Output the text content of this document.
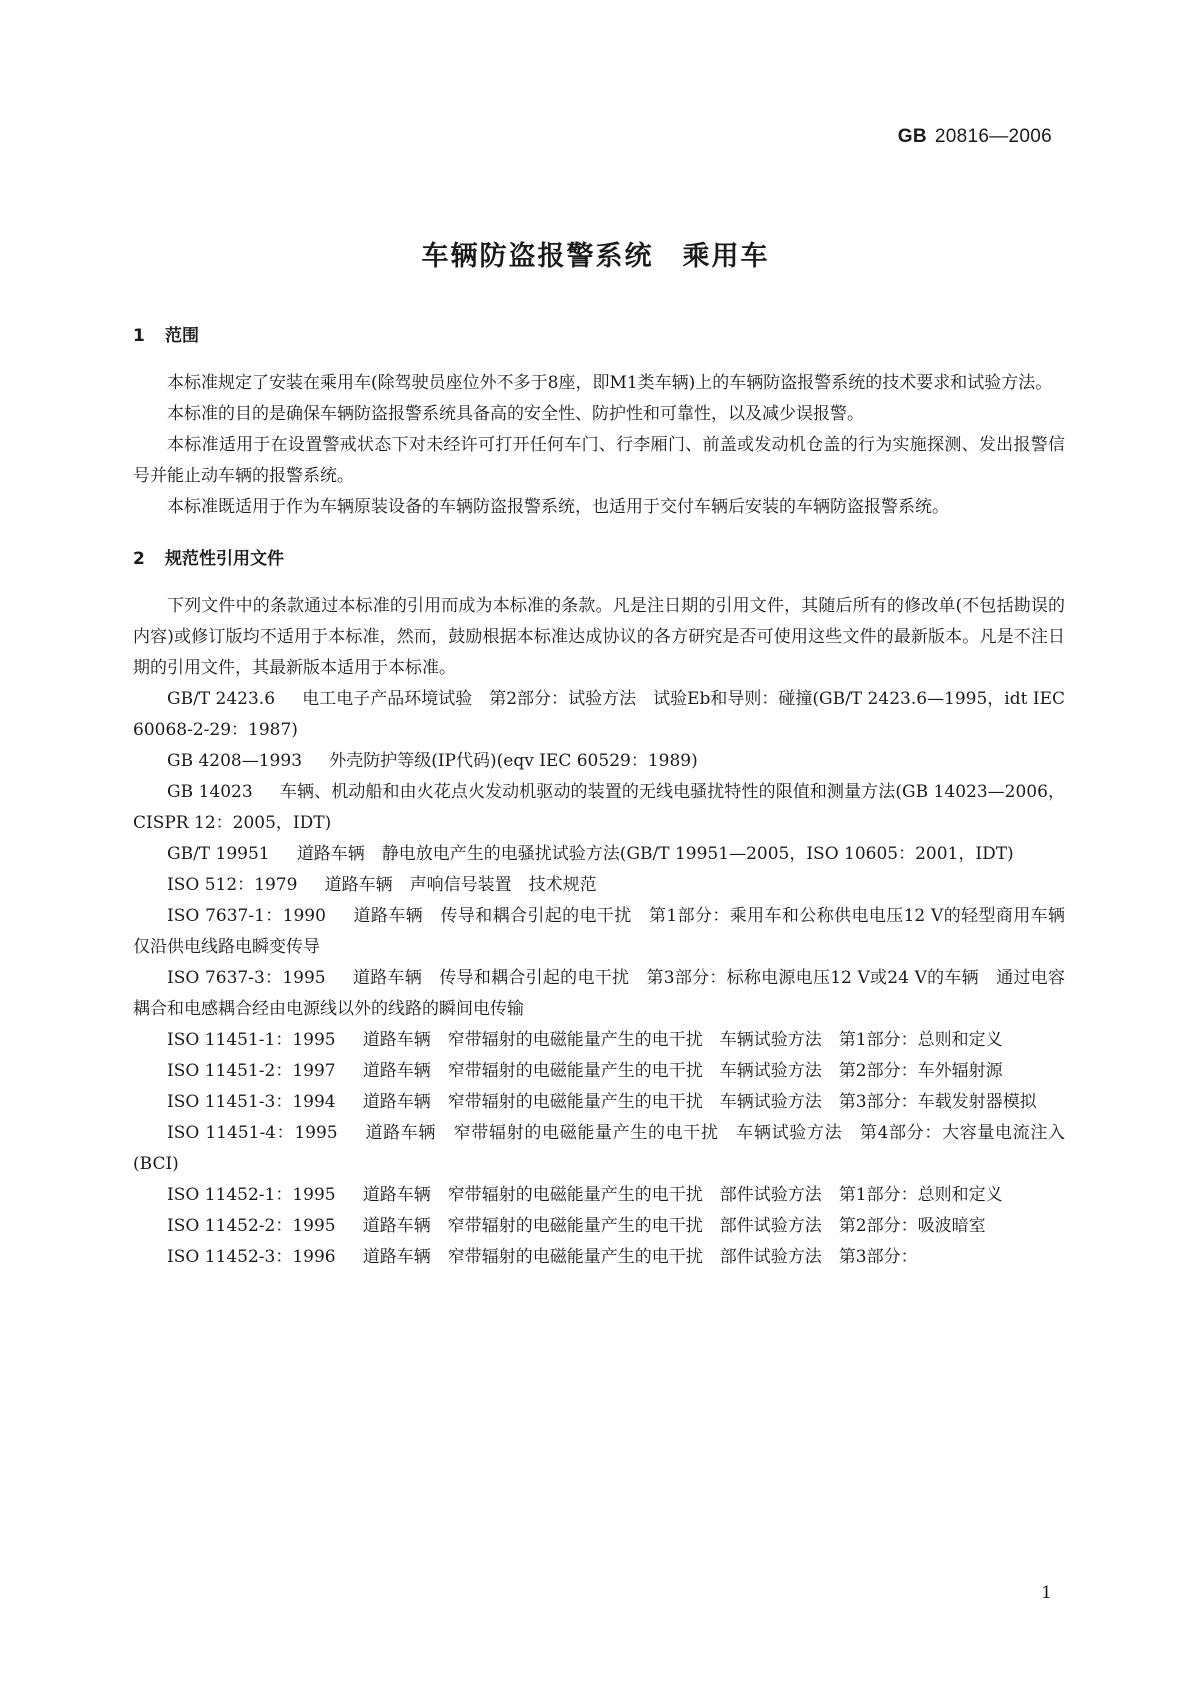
GB 20816—2006
车辆防盗报警系统　乘用车
1 范围

本标准规定了安装在乘用车(除驾驶员座位外不多于8座，即M1类车辆)上的车辆防盗报警系统的技术要求和试验方法。

本标准的目的是确保车辆防盗报警系统具备高的安全性、防护性和可靠性，以及减少误报警。

本标准适用于在设置警戒状态下对未经许可打开任何车门、行李厢门、前盖或发动机仓盖的行为实施探测、发出报警信号并能止动车辆的报警系统。

本标准既适用于作为车辆原装设备的车辆防盗报警系统，也适用于交付车辆后安装的车辆防盗报警系统。

2 规范性引用文件

下列文件中的条款通过本标准的引用而成为本标准的条款。凡是注日期的引用文件，其随后所有的修改单(不包括勘误的内容)或修订版均不适用于本标准，然而，鼓励根据本标准达成协议的各方研究是否可使用这些文件的最新版本。凡是不注日期的引用文件，其最新版本适用于本标准。

GB/T 2423.6 电工电子产品环境试验　第2部分：试验方法　试验Eb和导则：碰撞(GB/T 2423.6—1995，idt IEC 60068-2-29：1987)

GB 4208—1993 外壳防护等级(IP代码)(eqv IEC 60529：1989)

GB 14023 车辆、机动船和由火花点火发动机驱动的装置的无线电骚扰特性的限值和测量方法(GB 14023—2006，CISPR 12：2005，IDT)

GB/T 19951 道路车辆　静电放电产生的电骚扰试验方法(GB/T 19951—2005，ISO 10605：2001，IDT)

ISO 512：1979 道路车辆　声响信号装置　技术规范

ISO 7637-1：1990 道路车辆　传导和耦合引起的电干扰　第1部分：乘用车和公称供电电压12 V的轻型商用车辆　仅沿供电线路电瞬变传导

ISO 7637-3：1995 道路车辆　传导和耦合引起的电干扰　第3部分：标称电源电压12 V或24 V的车辆　通过电容耦合和电感耦合经由电源线以外的线路的瞬间电传输

ISO 11451-1：1995 道路车辆　窄带辐射的电磁能量产生的电干扰　车辆试验方法　第1部分：总则和定义

ISO 11451-2：1997 道路车辆　窄带辐射的电磁能量产生的电干扰　车辆试验方法　第2部分：车外辐射源

ISO 11451-3：1994 道路车辆　窄带辐射的电磁能量产生的电干扰　车辆试验方法　第3部分：车载发射器模拟

ISO 11451-4：1995 道路车辆　窄带辐射的电磁能量产生的电干扰　车辆试验方法　第4部分：大容量电流注入(BCI)

ISO 11452-1：1995 道路车辆　窄带辐射的电磁能量产生的电干扰　部件试验方法　第1部分：总则和定义

ISO 11452-2：1995 道路车辆　窄带辐射的电磁能量产生的电干扰　部件试验方法　第2部分：吸波暗室

ISO 11452-3：1996 道路车辆　窄带辐射的电磁能量产生的电干扰　部件试验方法　第3部分：

1
